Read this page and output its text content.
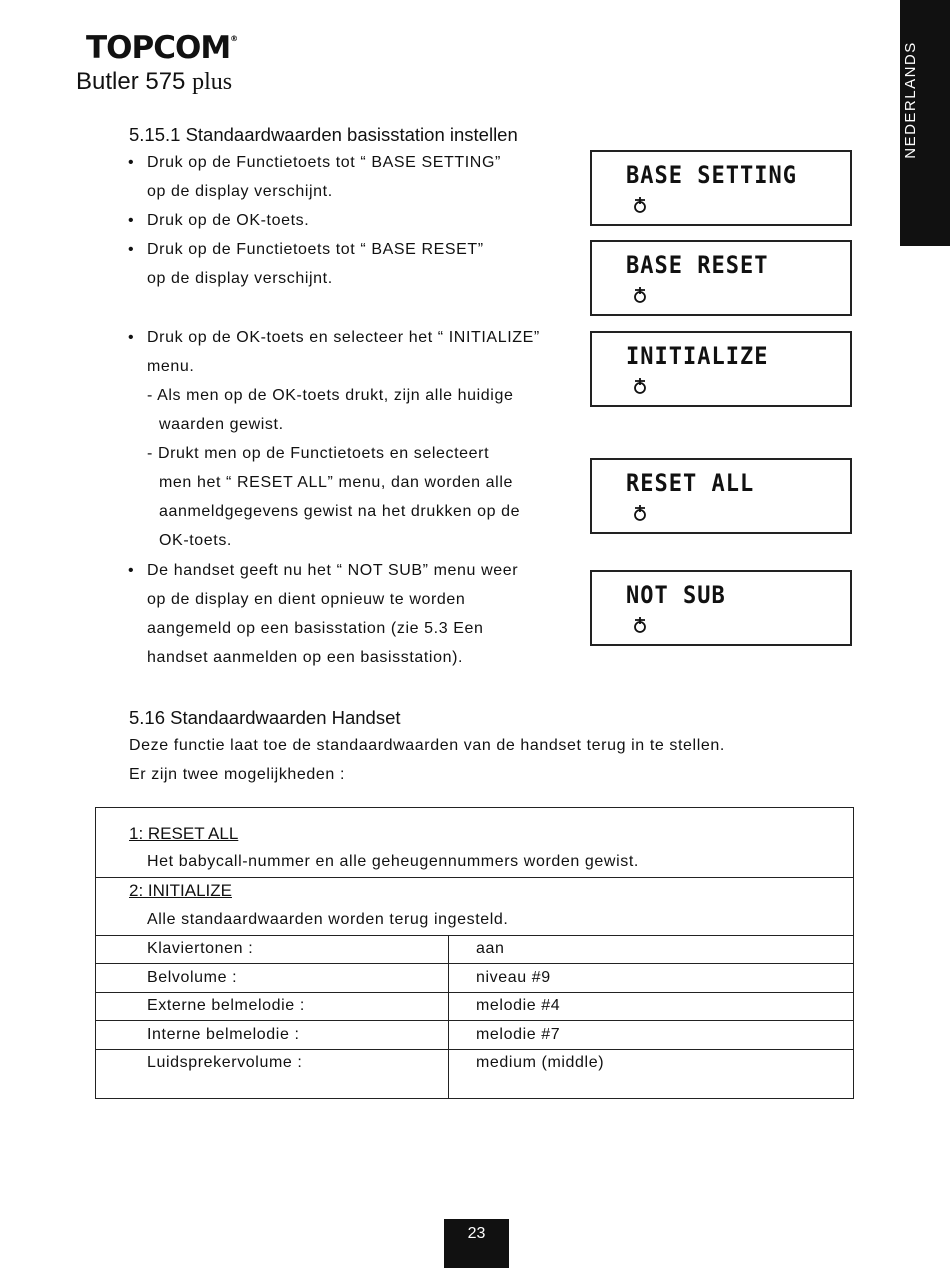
TOPCOM®
Butler 575 plus	NEDERLANDS
5.15.1 Standaardwaarden basisstation instellen
• Druk op de Functietoets tot “ BASE SETTING”
op de display verschijnt.
• Druk op de OK-toets.
• Druk op de Functietoets tot “ BASE RESET”
op de display verschijnt.
• Druk op de OK-toets en selecteer het “ INITIALIZE”
menu.
- Als men op de OK-toets drukt, zijn alle huidige
waarden gewist.
- Drukt men op de Functietoets en selecteert
men het “ RESET ALL” menu, dan worden alle
aanmeldgegevens gewist na het drukken op de
OK-toets.
• De handset geeft nu het “ NOT SUB” menu weer
op de display en dient opnieuw te worden
aangemeld op een basisstation (zie 5.3 Een
handset aanmelden op een basisstation).
BASE SETTING
BASE RESET
INITIALIZE
RESET ALL
NOT SUB
5.16 Standaardwaarden Handset
Deze functie laat toe de standaardwaarden van de handset terug in te stellen.
Er zijn twee mogelijkheden :
1: RESET ALL
Het babycall-nummer en alle geheugennummers worden gewist.
2: INITIALIZE
Alle standaardwaarden worden terug ingesteld.
Klaviertonen :	aan
Belvolume :	niveau #9
Externe belmelodie :	melodie #4
Interne belmelodie :	melodie #7
Luidsprekervolume :	medium (middle)
23
